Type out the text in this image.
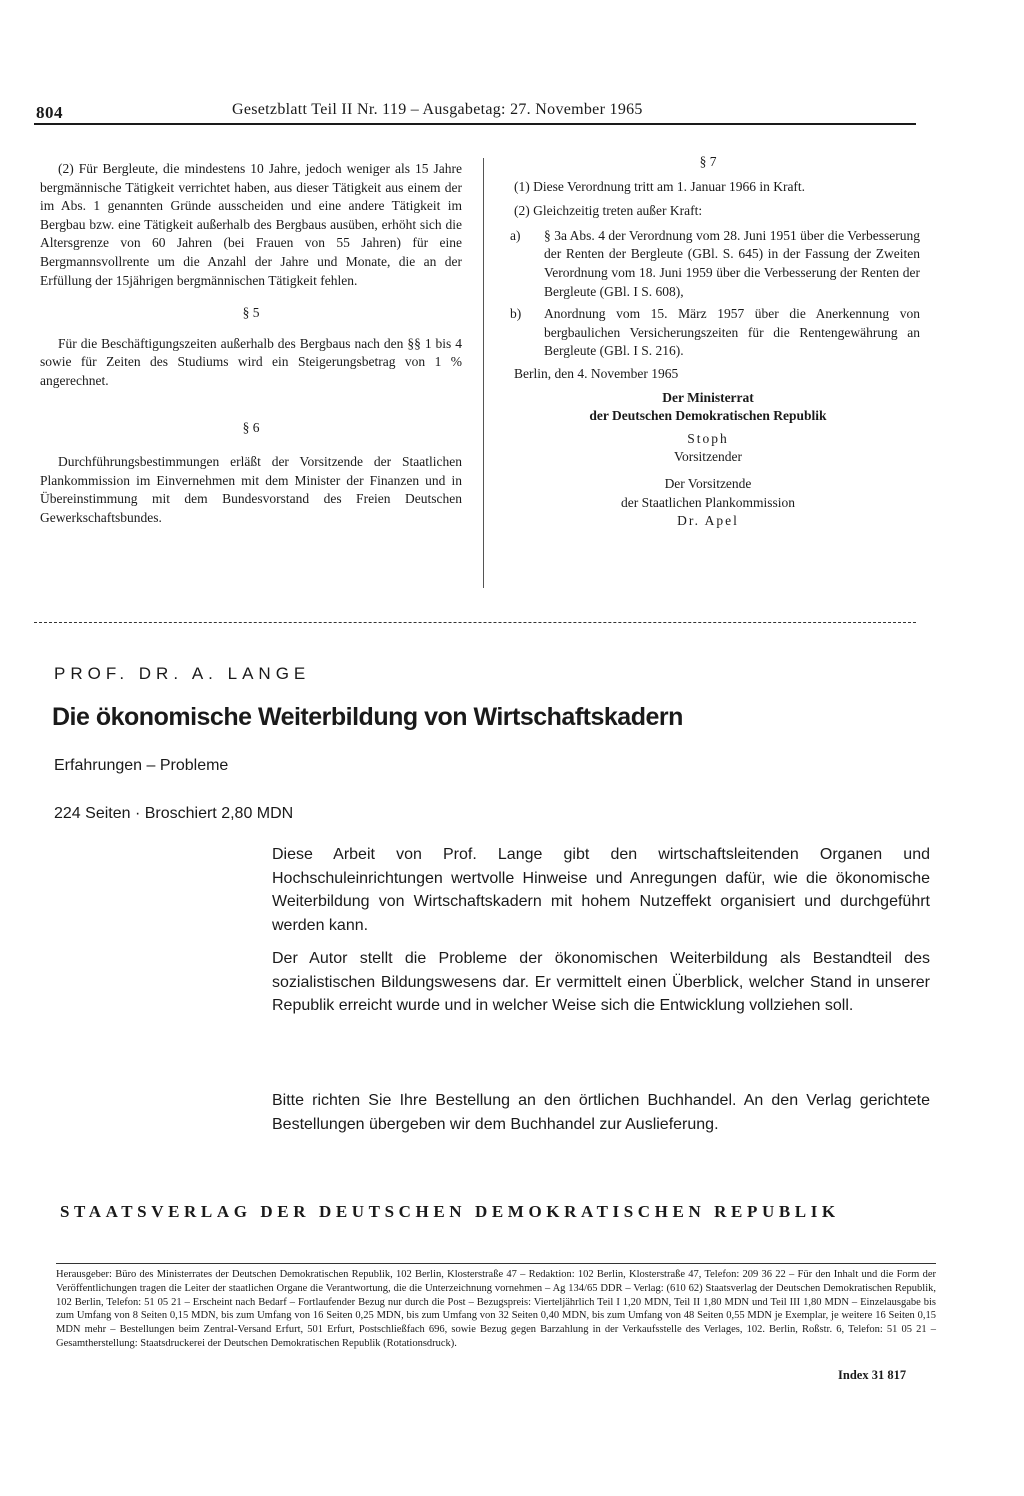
804	Gesetzblatt Teil II Nr. 119 – Ausgabetag: 27. November 1965

(2) Für Bergleute, die mindestens 10 Jahre, jedoch weniger als 15 Jahre bergmännische Tätigkeit verrichtet haben, aus dieser Tätigkeit aus einem der im Abs. 1 genannten Gründe ausscheiden und eine andere Tätigkeit im Bergbau bzw. eine Tätigkeit außerhalb des Bergbaus ausüben, erhöht sich die Altersgrenze von 60 Jahren (bei Frauen von 55 Jahren) für eine Bergmannsvollrente um die Anzahl der Jahre und Monate, die an der Erfüllung der 15jährigen bergmännischen Tätigkeit fehlen.

§ 5

Für die Beschäftigungszeiten außerhalb des Bergbaus nach den §§ 1 bis 4 sowie für Zeiten des Studiums wird ein Steigerungsbetrag von 1 % angerechnet.

§ 6

Durchführungsbestimmungen erläßt der Vorsitzende der Staatlichen Plankommission im Einvernehmen mit dem Minister der Finanzen und in Übereinstimmung mit dem Bundesvorstand des Freien Deutschen Gewerkschaftsbundes.

§ 7

(1) Diese Verordnung tritt am 1. Januar 1966 in Kraft.

(2) Gleichzeitig treten außer Kraft:

a)	§ 3a Abs. 4 der Verordnung vom 28. Juni 1951 über die Verbesserung der Renten der Bergleute (GBl. S. 645) in der Fassung der Zweiten Verordnung vom 18. Juni 1959 über die Verbesserung der Renten der Bergleute (GBl. I S. 608),
b)	Anordnung vom 15. März 1957 über die Anerkennung von bergbaulichen Versicherungszeiten für die Rentengewährung an Bergleute (GBl. I S. 216).

Berlin, den 4. November 1965

Der Ministerrat

der Deutschen Demokratischen Republik

Stoph

Vorsitzender

Der Vorsitzende

der Staatlichen Plankommission

Dr. Apel

PROF. DR. A. LANGE
Die ökonomische Weiterbildung von Wirtschaftskadern
Erfahrungen – Probleme
224 Seiten · Broschiert 2,80 MDN

Diese Arbeit von Prof. Lange gibt den wirtschaftsleitenden Organen und Hochschuleinrichtungen wertvolle Hinweise und Anregungen dafür, wie die ökonomische Weiterbildung von Wirtschaftskadern mit hohem Nutzeffekt organisiert und durchgeführt werden kann.

Der Autor stellt die Probleme der ökonomischen Weiterbildung als Bestandteil des sozialistischen Bildungswesens dar. Er vermittelt einen Überblick, welcher Stand in unserer Republik erreicht wurde und in welcher Weise sich die Entwicklung vollziehen soll.

Bitte richten Sie Ihre Bestellung an den örtlichen Buchhandel. An den Verlag gerichtete Bestellungen übergeben wir dem Buchhandel zur Auslieferung.

STAATSVERLAG DER DEUTSCHEN DEMOKRATISCHEN REPUBLIK
Herausgeber: Büro des Ministerrates der Deutschen Demokratischen Republik, 102 Berlin, Klosterstraße 47 – Redaktion: 102 Berlin, Klosterstraße 47, Telefon: 209 36 22 – Für den Inhalt und die Form der Veröffentlichungen tragen die Leiter der staatlichen Organe die Verantwortung, die die Unterzeichnung vornehmen – Ag 134/65 DDR – Verlag: (610 62) Staatsverlag der Deutschen Demokratischen Republik, 102 Berlin, Telefon: 51 05 21 – Erscheint nach Bedarf – Fortlaufender Bezug nur durch die Post – Bezugspreis: Vierteljährlich Teil I 1,20 MDN, Teil II 1,80 MDN und Teil III 1,80 MDN – Einzelausgabe bis zum Umfang von 8 Seiten 0,15 MDN, bis zum Umfang von 16 Seiten 0,25 MDN, bis zum Umfang von 32 Seiten 0,40 MDN, bis zum Umfang von 48 Seiten 0,55 MDN je Exemplar, je weitere 16 Seiten 0,15 MDN mehr – Bestellungen beim Zentral-Versand Erfurt, 501 Erfurt, Postschließfach 696, sowie Bezug gegen Barzahlung in der Verkaufsstelle des Verlages, 102. Berlin, Roßstr. 6, Telefon: 51 05 21 – Gesamtherstellung: Staatsdruckerei der Deutschen Demokratischen Republik (Rotationsdruck).
Index 31 817
